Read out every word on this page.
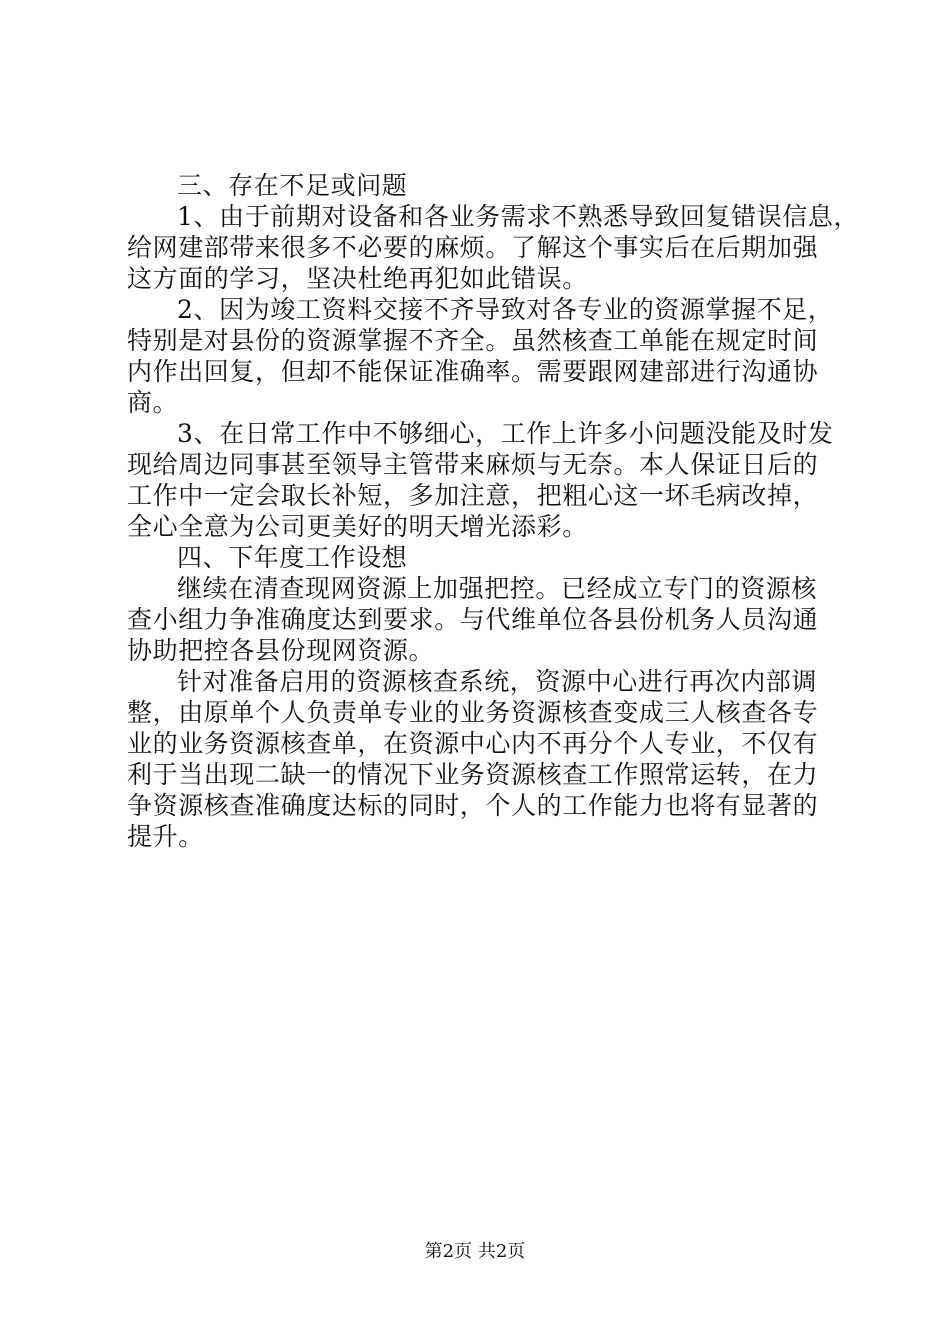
三、存在不足或问题
1、由于前期对设备和各业务需求不熟悉导致回复错误信息，
给网建部带来很多不必要的麻烦。了解这个事实后在后期加强
这方面的学习，坚决杜绝再犯如此错误。
2、因为竣工资料交接不齐导致对各专业的资源掌握不足，
特别是对县份的资源掌握不齐全。虽然核查工单能在规定时间
内作出回复，但却不能保证准确率。需要跟网建部进行沟通协
商。
3、在日常工作中不够细心，工作上许多小问题没能及时发
现给周边同事甚至领导主管带来麻烦与无奈。本人保证日后的
工作中一定会取长补短，多加注意，把粗心这一坏毛病改掉，
全心全意为公司更美好的明天增光添彩。
四、下年度工作设想
继续在清查现网资源上加强把控。已经成立专门的资源核
查小组力争准确度达到要求。与代维单位各县份机务人员沟通
协助把控各县份现网资源。
针对准备启用的资源核查系统，资源中心进行再次内部调
整，由原单个人负责单专业的业务资源核查变成三人核查各专
业的业务资源核查单，在资源中心内不再分个人专业，不仅有
利于当出现二缺一的情况下业务资源核查工作照常运转，在力
争资源核查准确度达标的同时，个人的工作能力也将有显著的
提升。
第2页 共2页
